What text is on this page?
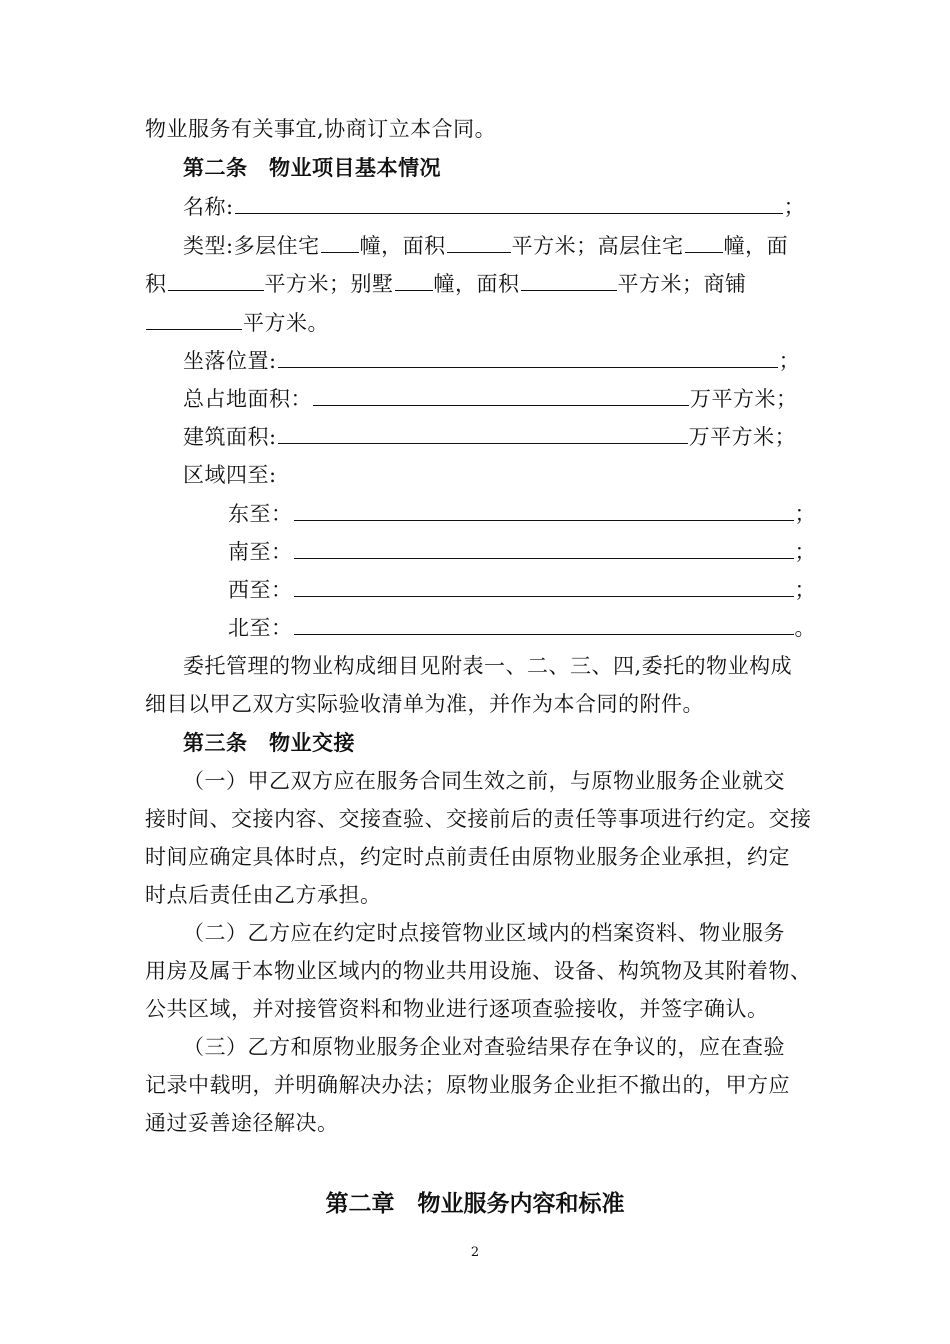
物业服务有关事宜,协商订立本合同。
第二条　物业项目基本情况
名称:	；
类型:多层住宅 幢，面积	平方米；高层住宅 幢，面
积	平方米；别墅 幢，面积	平方米；商铺
平方米。
坐落位置:	；
总占地面积：	万平方米；
建筑面积:	万平方米；
区域四至:
东至：	；
南至：	；
西至：	；
北至：	。
委托管理的物业构成细目见附表一、二、三、四,委托的物业构成
细目以甲乙双方实际验收清单为准，并作为本合同的附件。
第三条　物业交接
（一）甲乙双方应在服务合同生效之前，与原物业服务企业就交
接时间、交接内容、交接查验、交接前后的责任等事项进行约定。交接
时间应确定具体时点，约定时点前责任由原物业服务企业承担，约定
时点后责任由乙方承担。
（二）乙方应在约定时点接管物业区域内的档案资料、物业服务
用房及属于本物业区域内的物业共用设施、设备、构筑物及其附着物、
公共区域，并对接管资料和物业进行逐项查验接收，并签字确认。
（三）乙方和原物业服务企业对查验结果存在争议的，应在查验
记录中载明，并明确解决办法；原物业服务企业拒不撤出的，甲方应
通过妥善途径解决。
第二章　物业服务内容和标准
2
